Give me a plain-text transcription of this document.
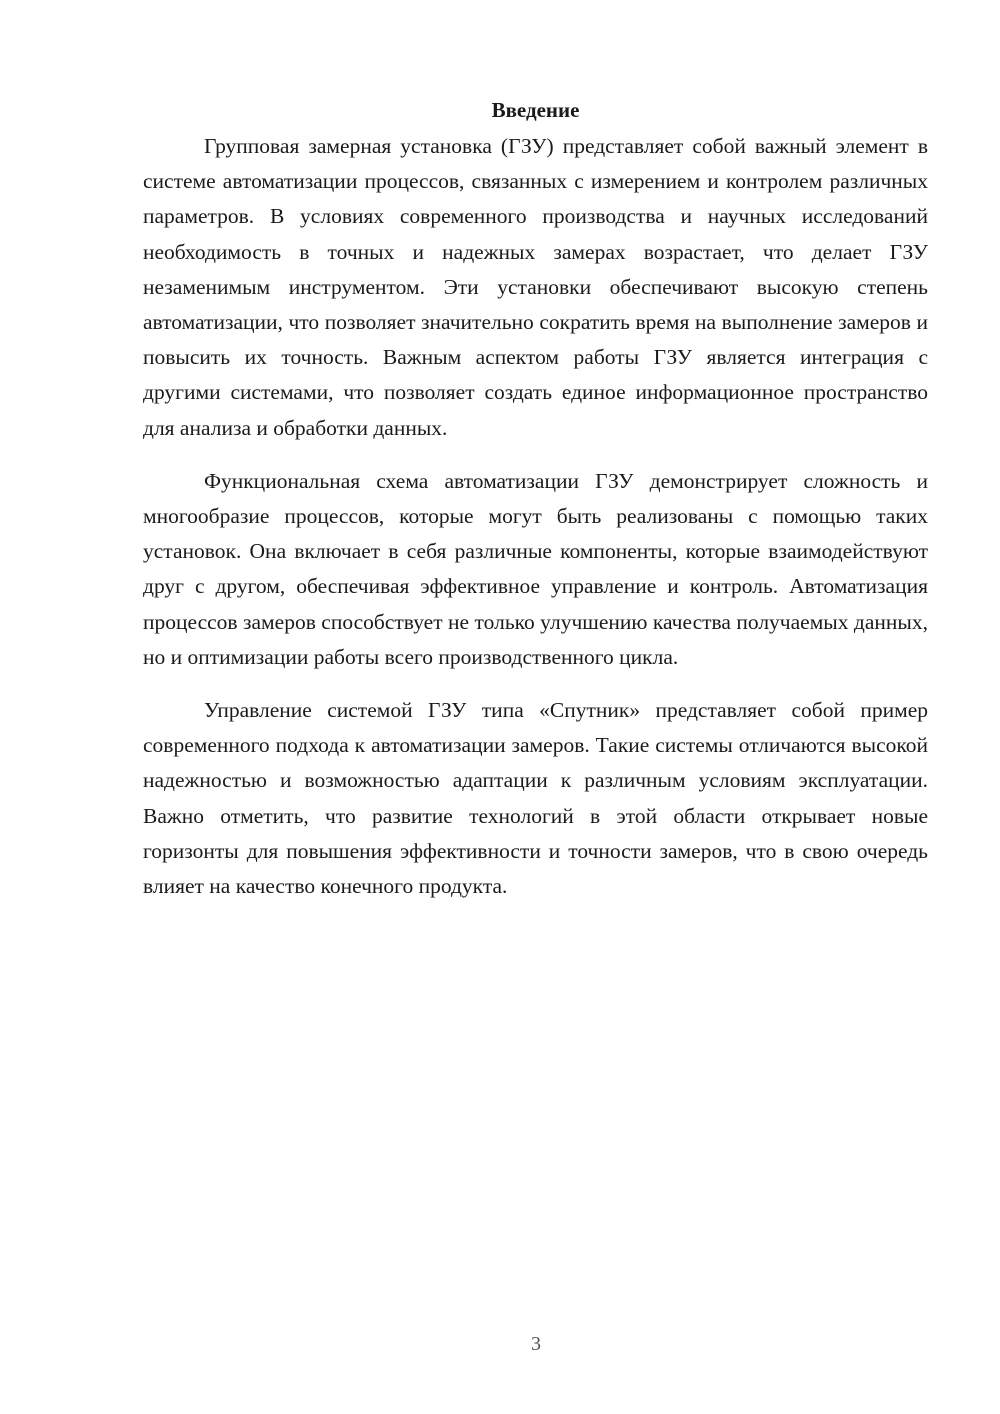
Введение

Групповая замерная установка (ГЗУ) представляет собой важный элемент в системе автоматизации процессов, связанных с измерением и контролем различных параметров. В условиях современного производства и научных исследований необходимость в точных и надежных замерах возрастает, что делает ГЗУ незаменимым инструментом. Эти установки обеспечивают высокую степень автоматизации, что позволяет значительно сократить время на выполнение замеров и повысить их точность. Важным аспектом работы ГЗУ является интеграция с другими системами, что позволяет создать единое информационное пространство для анализа и обработки данных.

Функциональная схема автоматизации ГЗУ демонстрирует сложность и многообразие процессов, которые могут быть реализованы с помощью таких установок. Она включает в себя различные компоненты, которые взаимодействуют друг с другом, обеспечивая эффективное управление и контроль. Автоматизация процессов замеров способствует не только улучшению качества получаемых данных, но и оптимизации работы всего производственного цикла.

Управление системой ГЗУ типа «Спутник» представляет собой пример современного подхода к автоматизации замеров. Такие системы отличаются высокой надежностью и возможностью адаптации к различным условиям эксплуатации. Важно отметить, что развитие технологий в этой области открывает новые горизонты для повышения эффективности и точности замеров, что в свою очередь влияет на качество конечного продукта.

3
